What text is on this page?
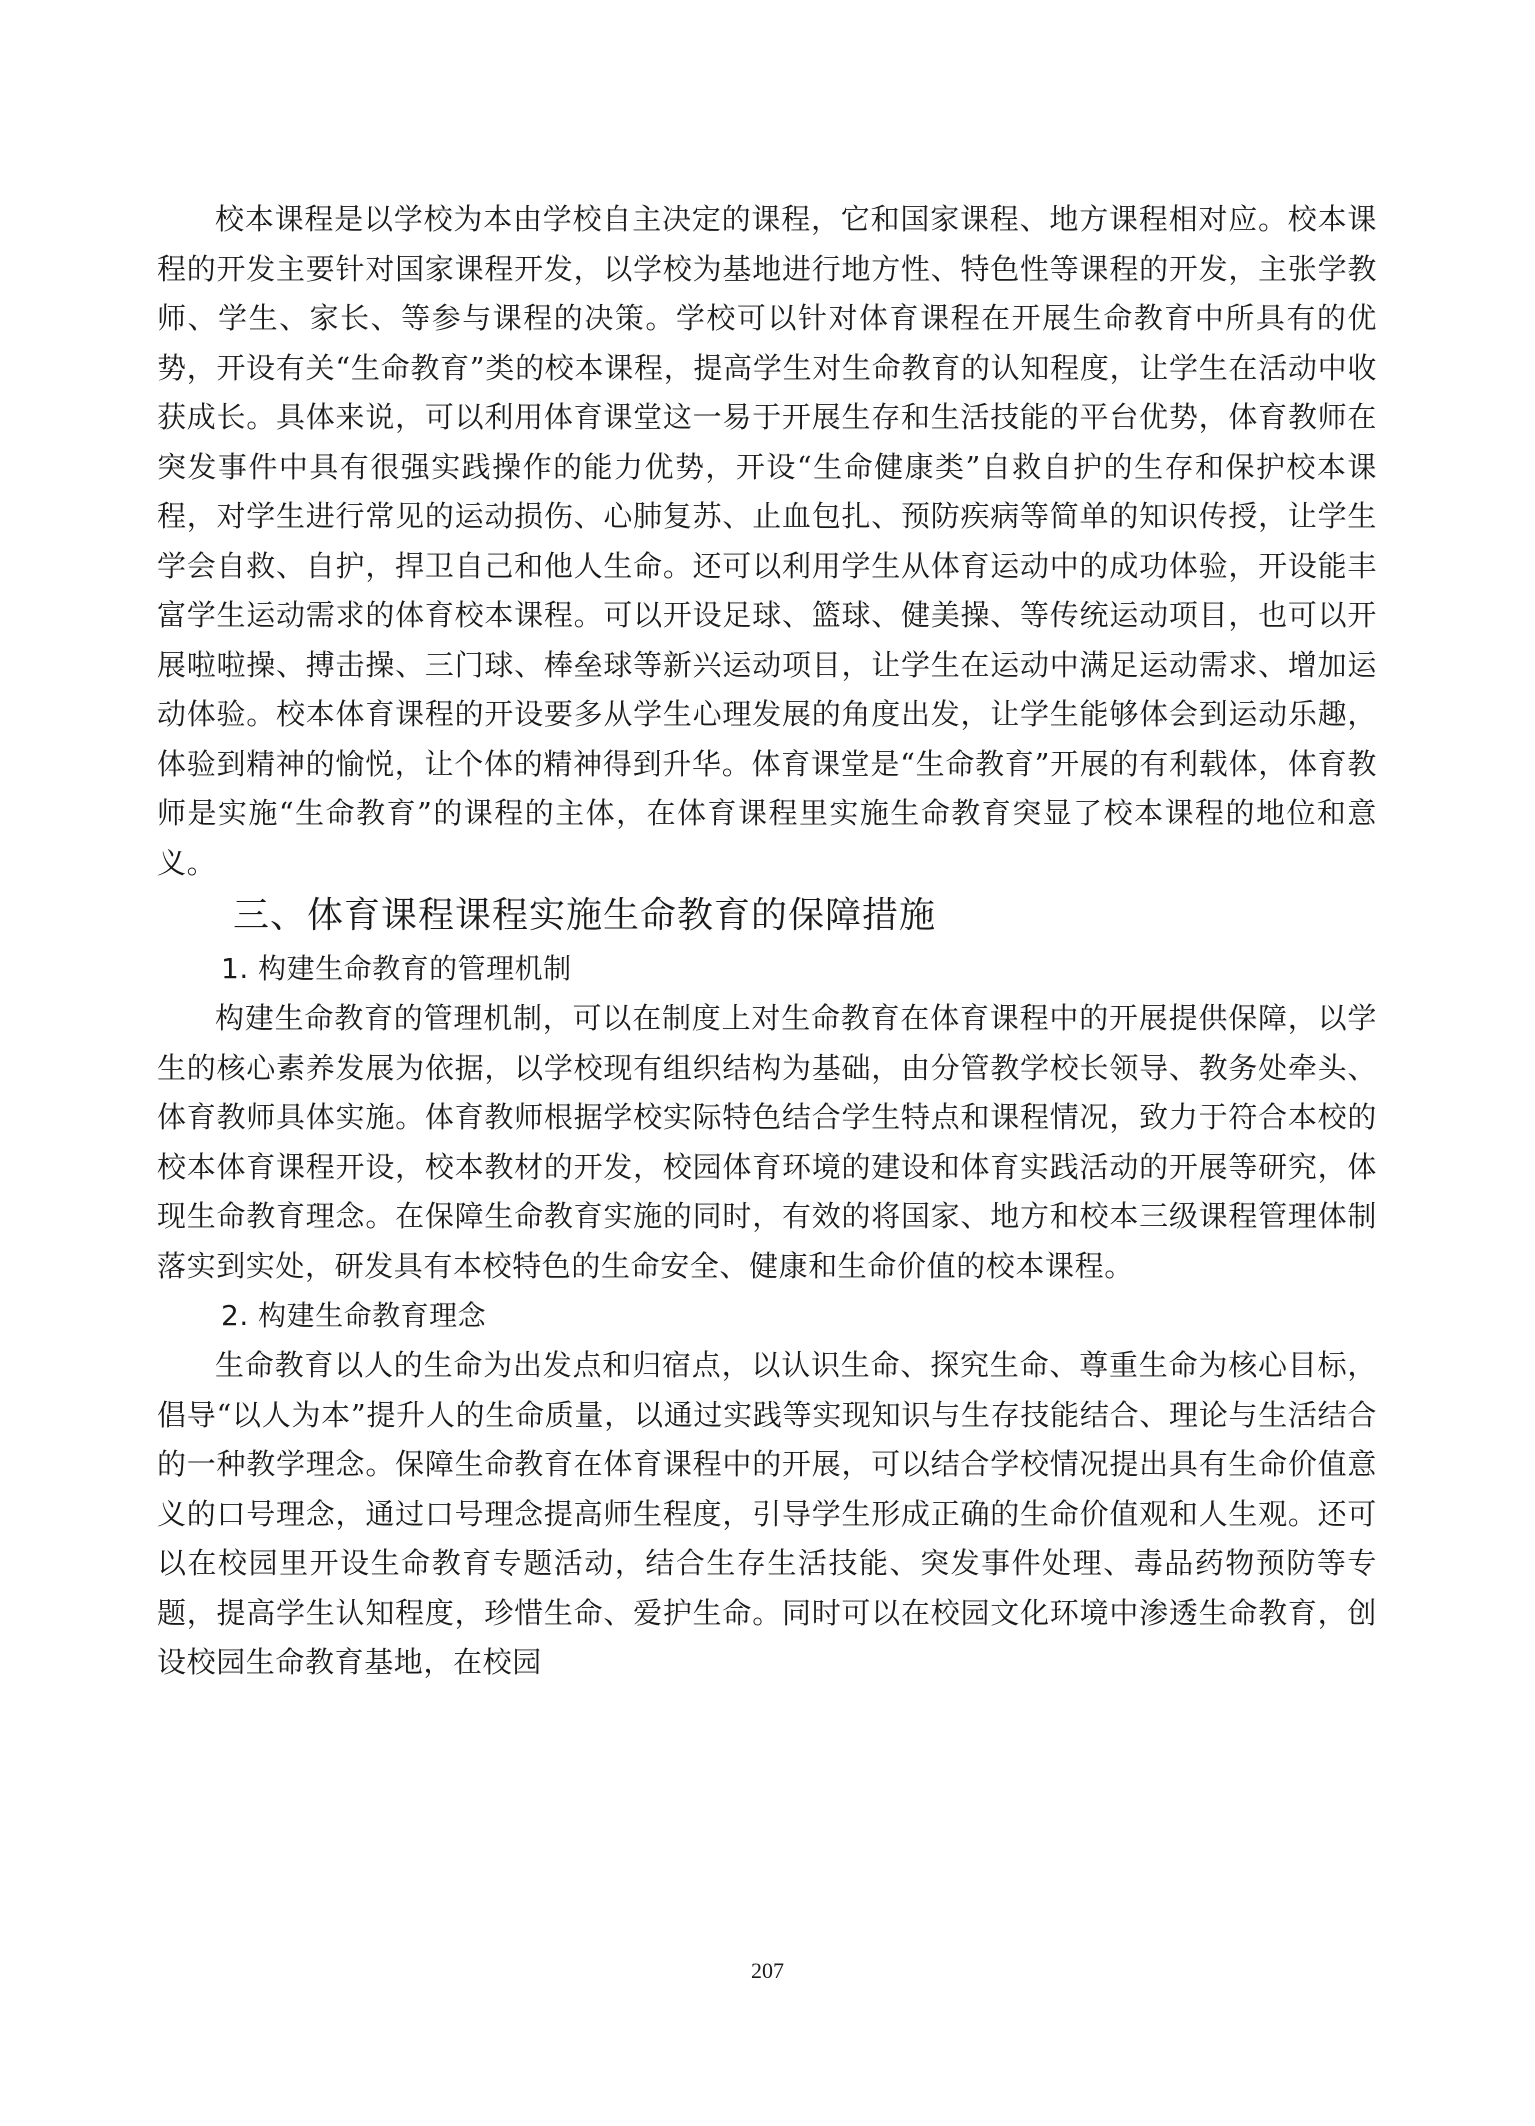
校本课程是以学校为本由学校自主决定的课程，它和国家课程、地方课程相对应。校本课程的开发主要针对国家课程开发，以学校为基地进行地方性、特色性等课程的开发，主张学教师、学生、家长、等参与课程的决策。学校可以针对体育课程在开展生命教育中所具有的优势，开设有关“生命教育”类的校本课程，提高学生对生命教育的认知程度，让学生在活动中收获成长。具体来说，可以利用体育课堂这一易于开展生存和生活技能的平台优势，体育教师在突发事件中具有很强实践操作的能力优势，开设“生命健康类”自救自护的生存和保护校本课程，对学生进行常见的运动损伤、心肺复苏、止血包扎、预防疾病等简单的知识传授，让学生学会自救、自护，捍卫自己和他人生命。还可以利用学生从体育运动中的成功体验，开设能丰富学生运动需求的体育校本课程。可以开设足球、篮球、健美操、等传统运动项目，也可以开展啦啦操、搏击操、三门球、棒垒球等新兴运动项目，让学生在运动中满足运动需求、增加运动体验。校本体育课程的开设要多从学生心理发展的角度出发，让学生能够体会到运动乐趣，体验到精神的愉悦，让个体的精神得到升华。体育课堂是“生命教育”开展的有利载体，体育教师是实施“生命教育”的课程的主体，在体育课程里实施生命教育突显了校本课程的地位和意义。

三、体育课程课程实施生命教育的保障措施
1. 构建生命教育的管理机制

构建生命教育的管理机制，可以在制度上对生命教育在体育课程中的开展提供保障，以学生的核心素养发展为依据，以学校现有组织结构为基础，由分管教学校长领导、教务处牵头、体育教师具体实施。体育教师根据学校实际特色结合学生特点和课程情况，致力于符合本校的校本体育课程开设，校本教材的开发，校园体育环境的建设和体育实践活动的开展等研究，体现生命教育理念。在保障生命教育实施的同时，有效的将国家、地方和校本三级课程管理体制落实到实处，研发具有本校特色的生命安全、健康和生命价值的校本课程。

2. 构建生命教育理念

生命教育以人的生命为出发点和归宿点，以认识生命、探究生命、尊重生命为核心目标，倡导“以人为本”提升人的生命质量，以通过实践等实现知识与生存技能结合、理论与生活结合的一种教学理念。保障生命教育在体育课程中的开展，可以结合学校情况提出具有生命价值意义的口号理念，通过口号理念提高师生程度，引导学生形成正确的生命价值观和人生观。还可以在校园里开设生命教育专题活动，结合生存生活技能、突发事件处理、毒品药物预防等专题，提高学生认知程度，珍惜生命、爱护生命。同时可以在校园文化环境中渗透生命教育，创设校园生命教育基地，在校园

207
